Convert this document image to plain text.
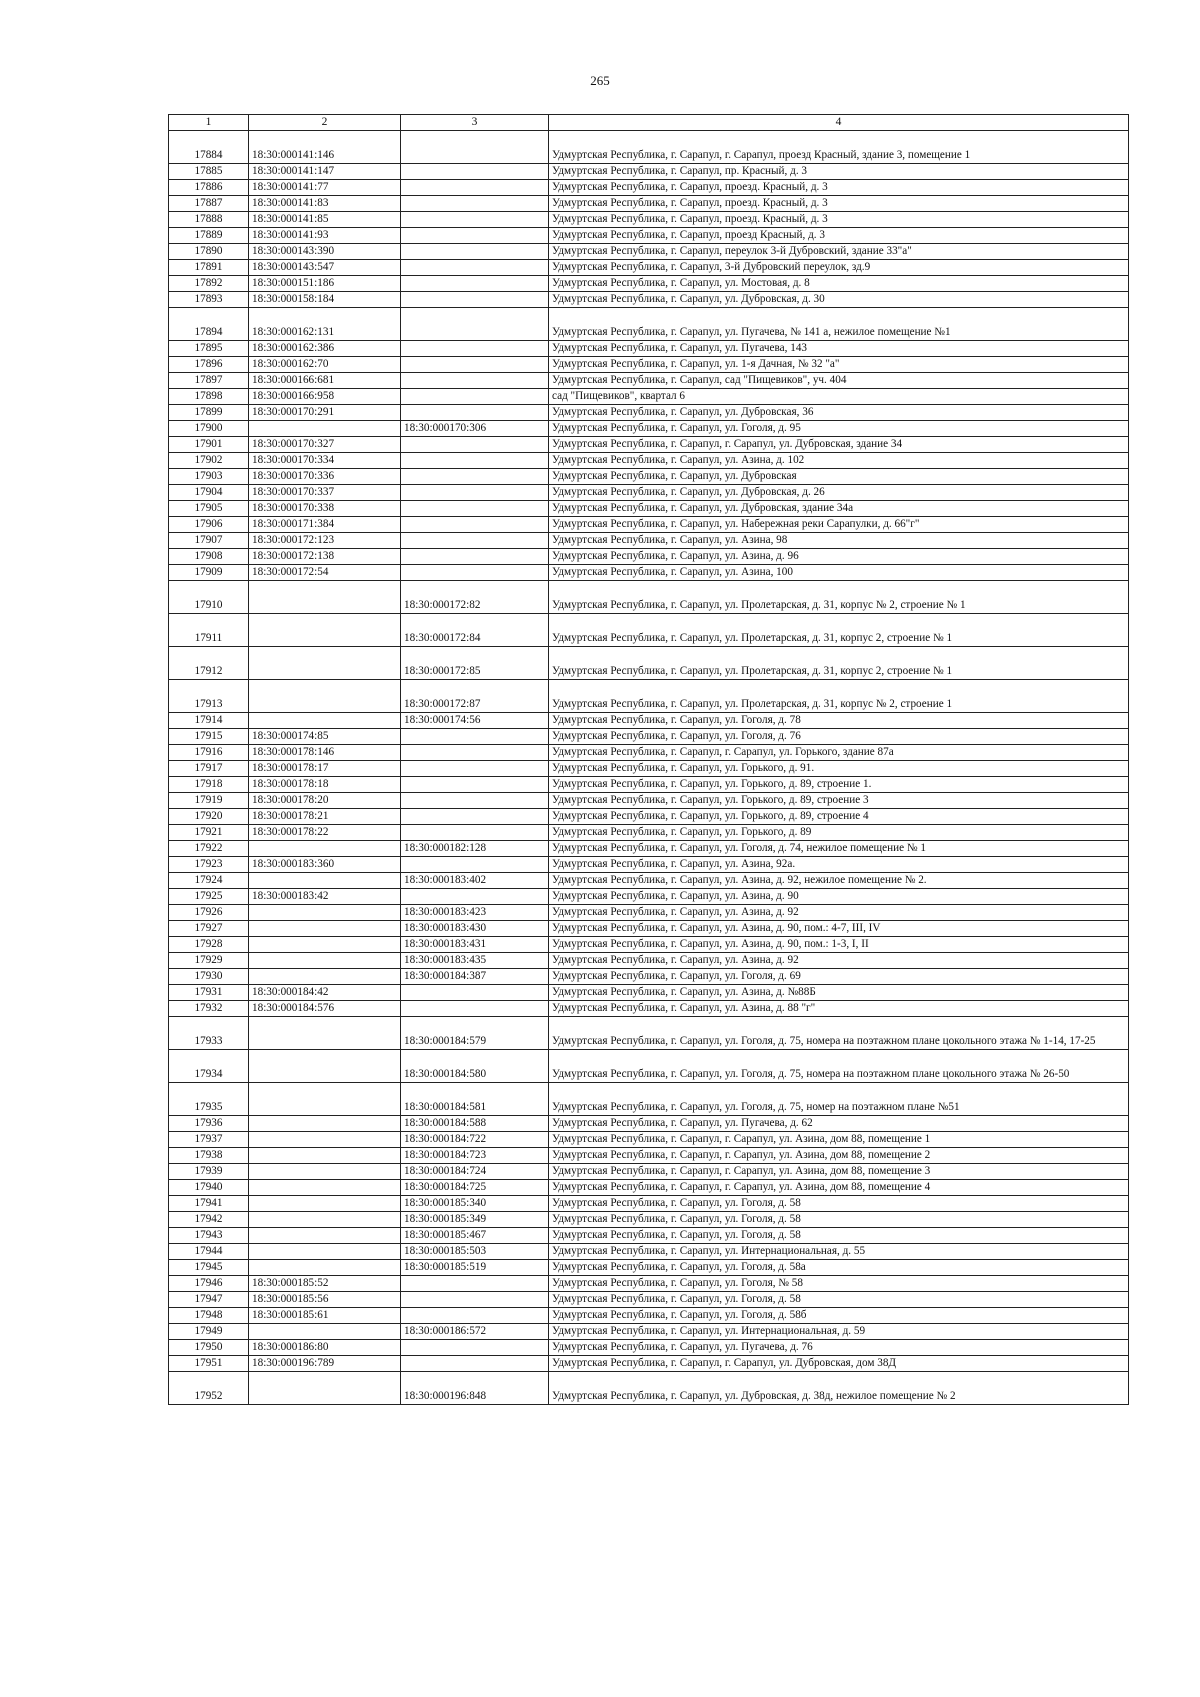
265
1	2	3	4
17884	18:30:000141:146		Удмуртская Республика, г. Сарапул, г. Сарапул, проезд Красный, здание 3, помещение 1
17885	18:30:000141:147		Удмуртская Республика, г. Сарапул, пр. Красный, д. 3
17886	18:30:000141:77		Удмуртская Республика, г. Сарапул, проезд. Красный, д. 3
17887	18:30:000141:83		Удмуртская Республика, г. Сарапул, проезд. Красный, д. 3
17888	18:30:000141:85		Удмуртская Республика, г. Сарапул, проезд. Красный, д. 3
17889	18:30:000141:93		Удмуртская Республика, г. Сарапул, проезд Красный, д. 3
17890	18:30:000143:390		Удмуртская Республика, г. Сарапул, переулок 3-й Дубровский, здание 33"а"
17891	18:30:000143:547		Удмуртская Республика, г. Сарапул, 3-й Дубровский переулок, зд.9
17892	18:30:000151:186		Удмуртская Республика, г. Сарапул, ул. Мостовая, д. 8
17893	18:30:000158:184		Удмуртская Республика, г. Сарапул, ул. Дубровская, д. 30
17894	18:30:000162:131		Удмуртская Республика, г. Сарапул, ул. Пугачева, № 141 а, нежилое помещение №1
17895	18:30:000162:386		Удмуртская Республика, г. Сарапул, ул. Пугачева, 143
17896	18:30:000162:70		Удмуртская Республика, г. Сарапул, ул. 1-я Дачная, № 32 "а"
17897	18:30:000166:681		Удмуртская Республика, г. Сарапул, сад "Пищевиков", уч. 404
17898	18:30:000166:958		сад "Пищевиков", квартал 6
17899	18:30:000170:291		Удмуртская Республика, г. Сарапул, ул. Дубровская, 36
17900		18:30:000170:306	Удмуртская Республика, г. Сарапул, ул. Гоголя, д. 95
17901	18:30:000170:327		Удмуртская Республика, г. Сарапул, г. Сарапул, ул. Дубровская, здание 34
17902	18:30:000170:334		Удмуртская Республика, г. Сарапул, ул. Азина, д. 102
17903	18:30:000170:336		Удмуртская Республика, г. Сарапул, ул. Дубровская
17904	18:30:000170:337		Удмуртская Республика, г. Сарапул, ул. Дубровская, д. 26
17905	18:30:000170:338		Удмуртская Республика, г. Сарапул, ул. Дубровская, здание 34а
17906	18:30:000171:384		Удмуртская Республика, г. Сарапул, ул. Набережная реки Сарапулки, д. 66"г"
17907	18:30:000172:123		Удмуртская Республика, г. Сарапул, ул. Азина, 98
17908	18:30:000172:138		Удмуртская Республика, г. Сарапул, ул. Азина, д. 96
17909	18:30:000172:54		Удмуртская Республика, г. Сарапул, ул. Азина, 100
17910		18:30:000172:82	Удмуртская Республика, г. Сарапул, ул. Пролетарская, д. 31, корпус № 2, строение № 1
17911		18:30:000172:84	Удмуртская Республика, г. Сарапул, ул. Пролетарская, д. 31, корпус 2, строение № 1
17912		18:30:000172:85	Удмуртская Республика, г. Сарапул, ул. Пролетарская, д. 31, корпус 2, строение № 1
17913		18:30:000172:87	Удмуртская Республика, г. Сарапул, ул. Пролетарская, д. 31, корпус № 2, строение 1
17914		18:30:000174:56	Удмуртская Республика, г. Сарапул, ул. Гоголя, д. 78
17915	18:30:000174:85		Удмуртская Республика, г. Сарапул, ул. Гоголя, д. 76
17916	18:30:000178:146		Удмуртская Республика, г. Сарапул, г. Сарапул, ул. Горького, здание 87а
17917	18:30:000178:17		Удмуртская Республика, г. Сарапул, ул. Горького, д. 91.
17918	18:30:000178:18		Удмуртская Республика, г. Сарапул, ул. Горького, д. 89, строение 1.
17919	18:30:000178:20		Удмуртская Республика, г. Сарапул, ул. Горького, д. 89, строение 3
17920	18:30:000178:21		Удмуртская Республика, г. Сарапул, ул. Горького, д. 89, строение 4
17921	18:30:000178:22		Удмуртская Республика, г. Сарапул, ул. Горького, д. 89
17922		18:30:000182:128	Удмуртская Республика, г. Сарапул, ул. Гоголя, д. 74, нежилое помещение № 1
17923	18:30:000183:360		Удмуртская Республика, г. Сарапул, ул. Азина, 92а.
17924		18:30:000183:402	Удмуртская Республика, г. Сарапул, ул. Азина, д. 92, нежилое помещение № 2.
17925	18:30:000183:42		Удмуртская Республика, г. Сарапул, ул. Азина, д. 90
17926		18:30:000183:423	Удмуртская Республика, г. Сарапул, ул. Азина, д. 92
17927		18:30:000183:430	Удмуртская Республика, г. Сарапул, ул. Азина, д. 90, пом.: 4-7, III, IV
17928		18:30:000183:431	Удмуртская Республика, г. Сарапул, ул. Азина, д. 90, пом.: 1-3, I, II
17929		18:30:000183:435	Удмуртская Республика, г. Сарапул, ул. Азина, д. 92
17930		18:30:000184:387	Удмуртская Республика, г. Сарапул, ул. Гоголя, д. 69
17931	18:30:000184:42		Удмуртская Республика, г. Сарапул, ул. Азина, д. №88Б
17932	18:30:000184:576		Удмуртская Республика, г. Сарапул, ул. Азина, д. 88 "г"
17933		18:30:000184:579	Удмуртская Республика, г. Сарапул, ул. Гоголя, д. 75, номера на поэтажном плане цокольного этажа № 1-14, 17-25
17934		18:30:000184:580	Удмуртская Республика, г. Сарапул, ул. Гоголя, д. 75, номера на поэтажном плане цокольного этажа № 26-50
17935		18:30:000184:581	Удмуртская Республика, г. Сарапул, ул. Гоголя, д. 75, номер на поэтажном плане №51
17936		18:30:000184:588	Удмуртская Республика, г. Сарапул, ул. Пугачева, д. 62
17937		18:30:000184:722	Удмуртская Республика, г. Сарапул, г. Сарапул, ул. Азина, дом 88, помещение 1
17938		18:30:000184:723	Удмуртская Республика, г. Сарапул, г. Сарапул, ул. Азина, дом 88, помещение 2
17939		18:30:000184:724	Удмуртская Республика, г. Сарапул, г. Сарапул, ул. Азина, дом 88, помещение 3
17940		18:30:000184:725	Удмуртская Республика, г. Сарапул, г. Сарапул, ул. Азина, дом 88, помещение 4
17941		18:30:000185:340	Удмуртская Республика, г. Сарапул, ул. Гоголя, д. 58
17942		18:30:000185:349	Удмуртская Республика, г. Сарапул, ул. Гоголя, д. 58
17943		18:30:000185:467	Удмуртская Республика, г. Сарапул, ул. Гоголя, д. 58
17944		18:30:000185:503	Удмуртская Республика, г. Сарапул, ул. Интернациональная, д. 55
17945		18:30:000185:519	Удмуртская Республика, г. Сарапул, ул. Гоголя, д. 58а
17946	18:30:000185:52		Удмуртская Республика, г. Сарапул, ул. Гоголя, № 58
17947	18:30:000185:56		Удмуртская Республика, г. Сарапул, ул. Гоголя, д. 58
17948	18:30:000185:61		Удмуртская Республика, г. Сарапул, ул. Гоголя, д. 58б
17949		18:30:000186:572	Удмуртская Республика, г. Сарапул, ул. Интернациональная, д. 59
17950	18:30:000186:80		Удмуртская Республика, г. Сарапул, ул. Пугачева, д. 76
17951	18:30:000196:789		Удмуртская Республика, г. Сарапул, г. Сарапул, ул. Дубровская, дом 38Д
17952		18:30:000196:848	Удмуртская Республика, г. Сарапул, ул. Дубровская, д. 38д, нежилое помещение № 2
